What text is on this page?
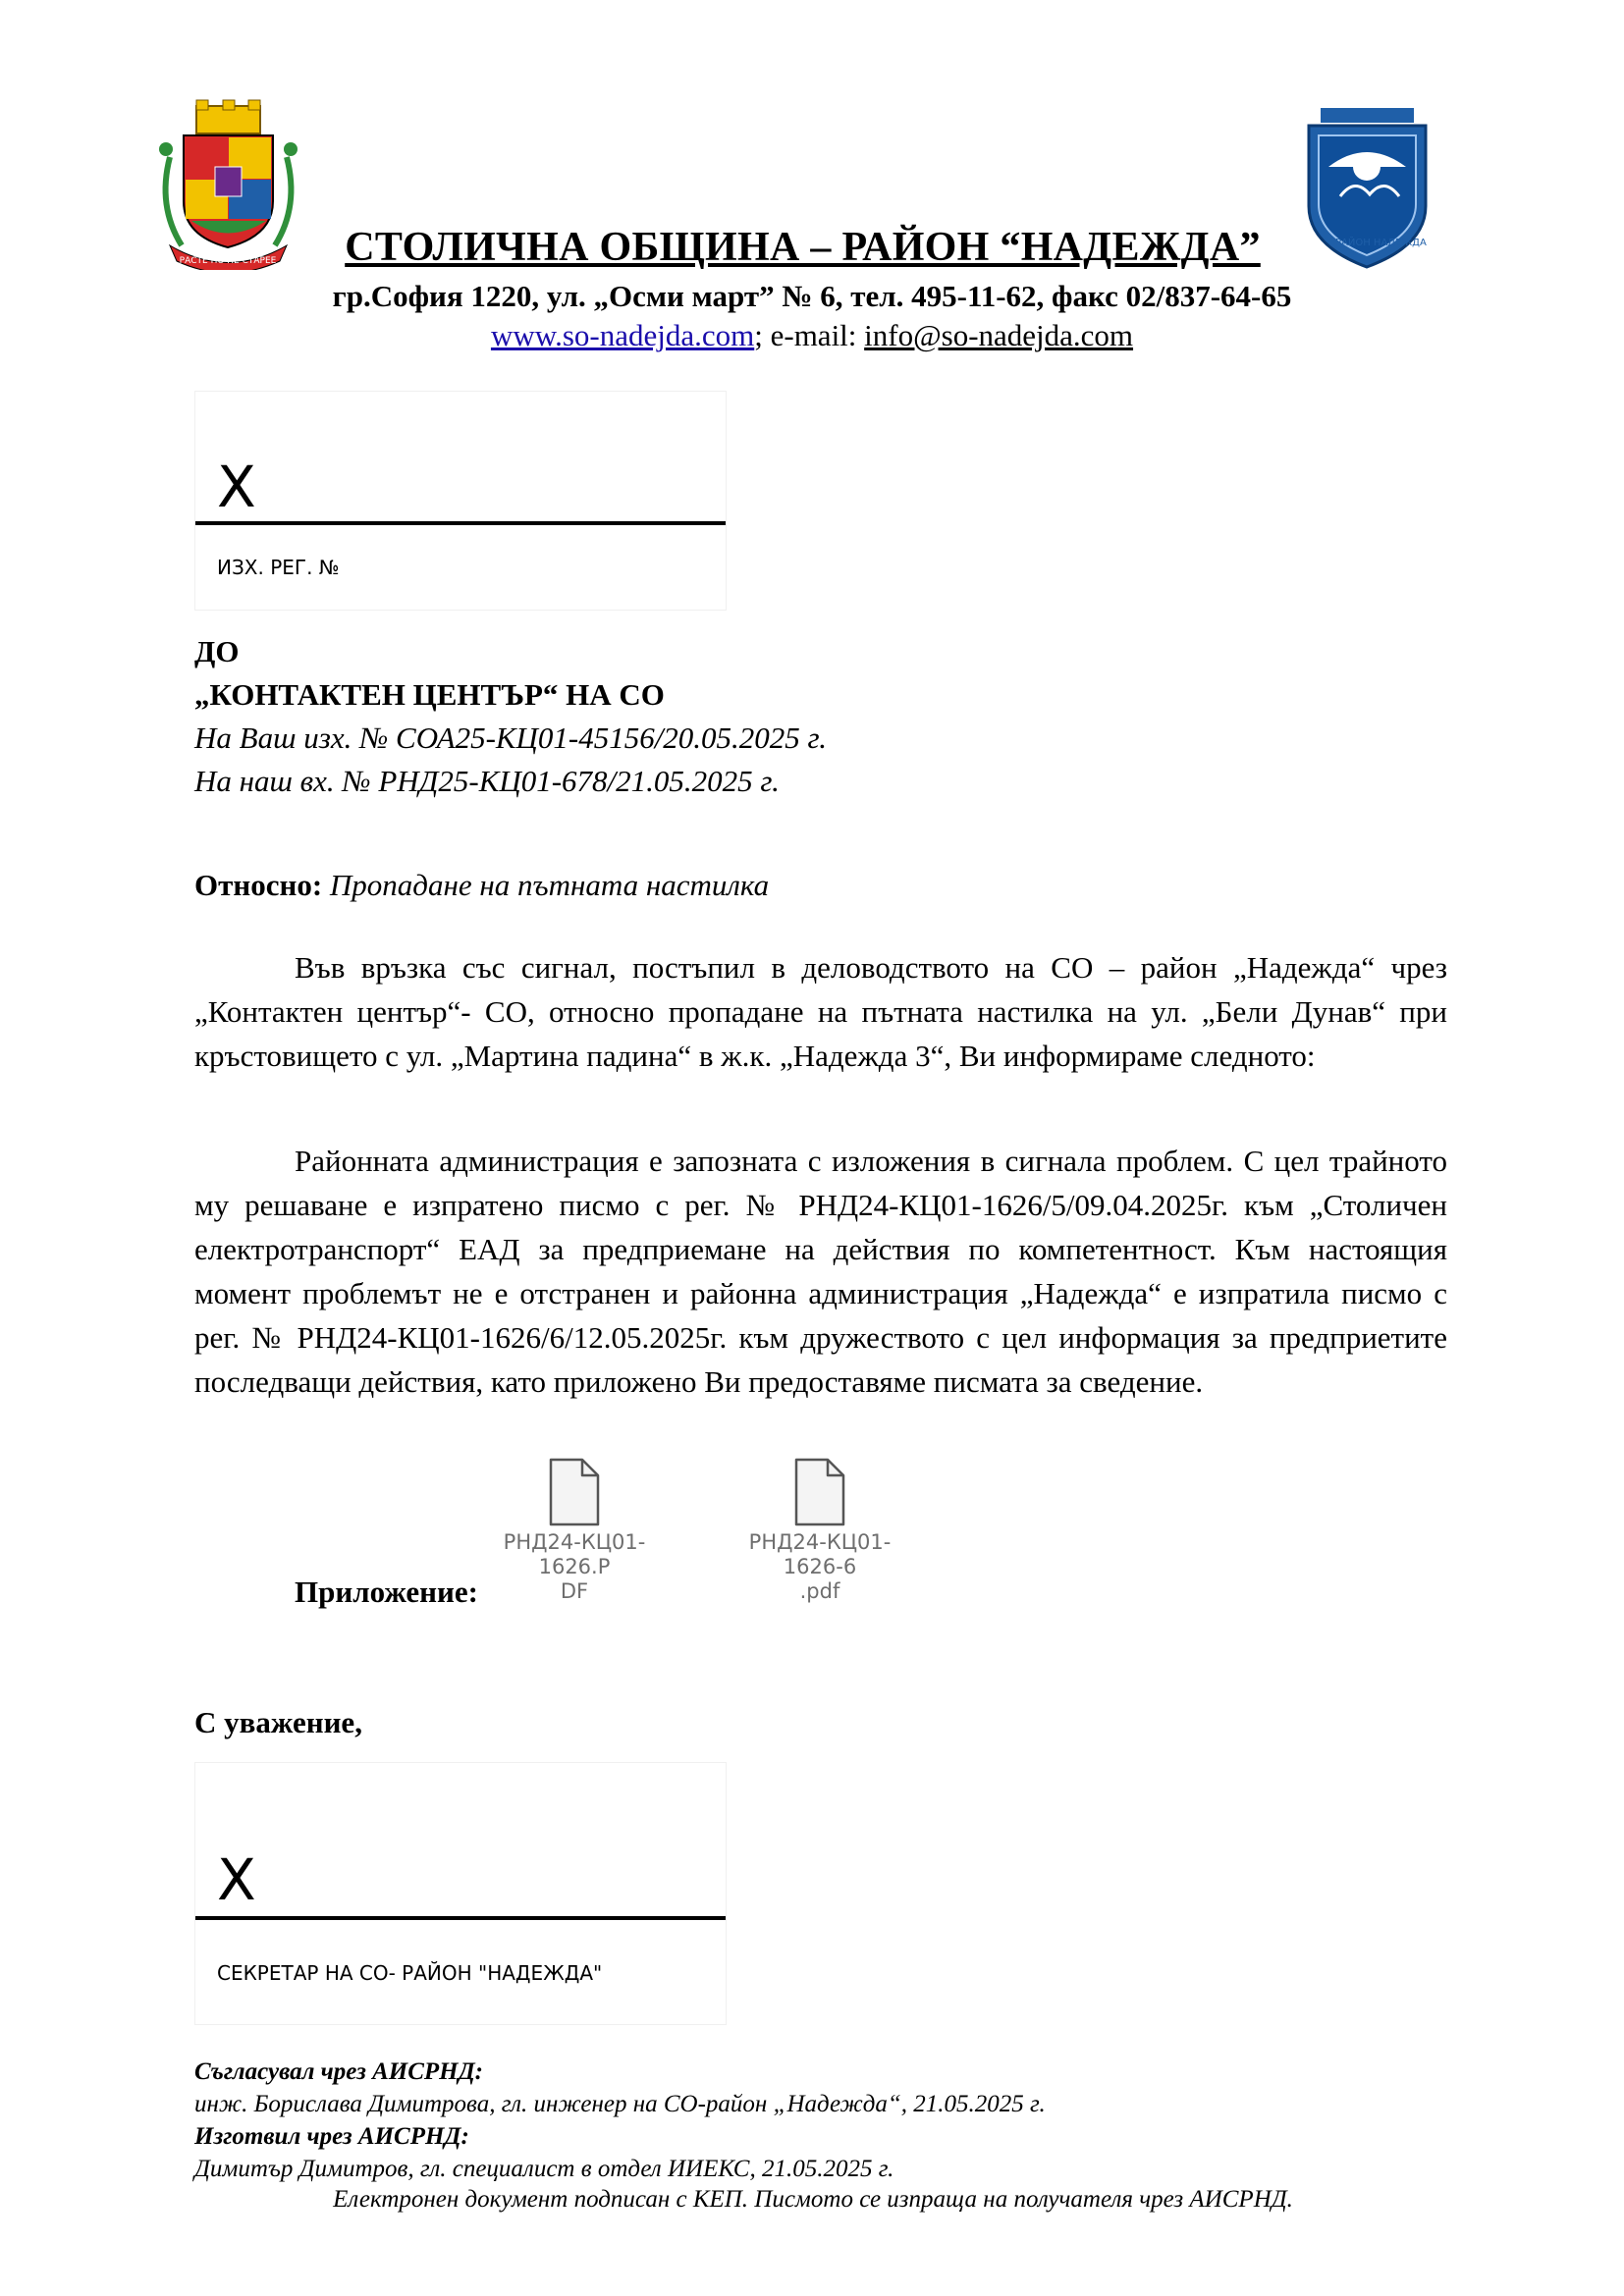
РАСТЕ НО НЕ СТАРЕЕ
РАЙОН НАДЕЖДА
СТОЛИЧНА ОБЩИНА – РАЙОН “НАДЕЖДА”
гр.София 1220, ул. „Осми март” № 6, тел. 495-11-62, факс 02/837-64-65
www.so-nadejda.com; e-mail: info@so-nadejda.com
X
ИЗХ. РЕГ. №
ДО
„КОНТАКТЕН ЦЕНТЪР“ НА СО
На Ваш изх. № СОА25-КЦ01-45156/20.05.2025 г.
На наш вх. № РНД25-КЦ01-678/21.05.2025 г.
Относно: Пропадане на пътната настилка
Във връзка със сигнал, постъпил в деловодството на СО – район „Надежда“ чрез „Контактен център“- СО, относно пропадане на пътната настилка на ул. „Бели Дунав“ при кръстовището с ул. „Мартина падина“ в ж.к. „Надежда 3“, Ви информираме следното:
Районната администрация е запозната с изложения в сигнала проблем. С цел трайното му решаване е изпратено писмо с рег. № РНД24-КЦ01-1626/5/09.04.2025г. към „Столичен електротранспорт“ ЕАД за предприемане на действия по компетентност. Към настоящия момент проблемът не е отстранен и районна администрация „Надежда“ е изпратила писмо с рег. № РНД24-КЦ01-1626/6/12.05.2025г. към дружеството с цел информация за предприетите последващи действия, като приложено Ви предоставяме писмата за сведение.
РНД24-КЦ01-1626.P
DF
РНД24-КЦ01-1626-6
.pdf
Приложение:
С уважение,
X
СЕКРЕТАР НА СО- РАЙОН "НАДЕЖДА"
Съгласувал чрез АИСРНД:
инж. Борислава Димитрова, гл. инженер на СО-район „Надежда“, 21.05.2025 г.
Изготвил чрез АИСРНД:
Димитър Димитров, гл. специалист в отдел ИИЕКС, 21.05.2025 г.
Електронен документ подписан с КЕП. Писмото се изпраща на получателя чрез АИСРНД.
